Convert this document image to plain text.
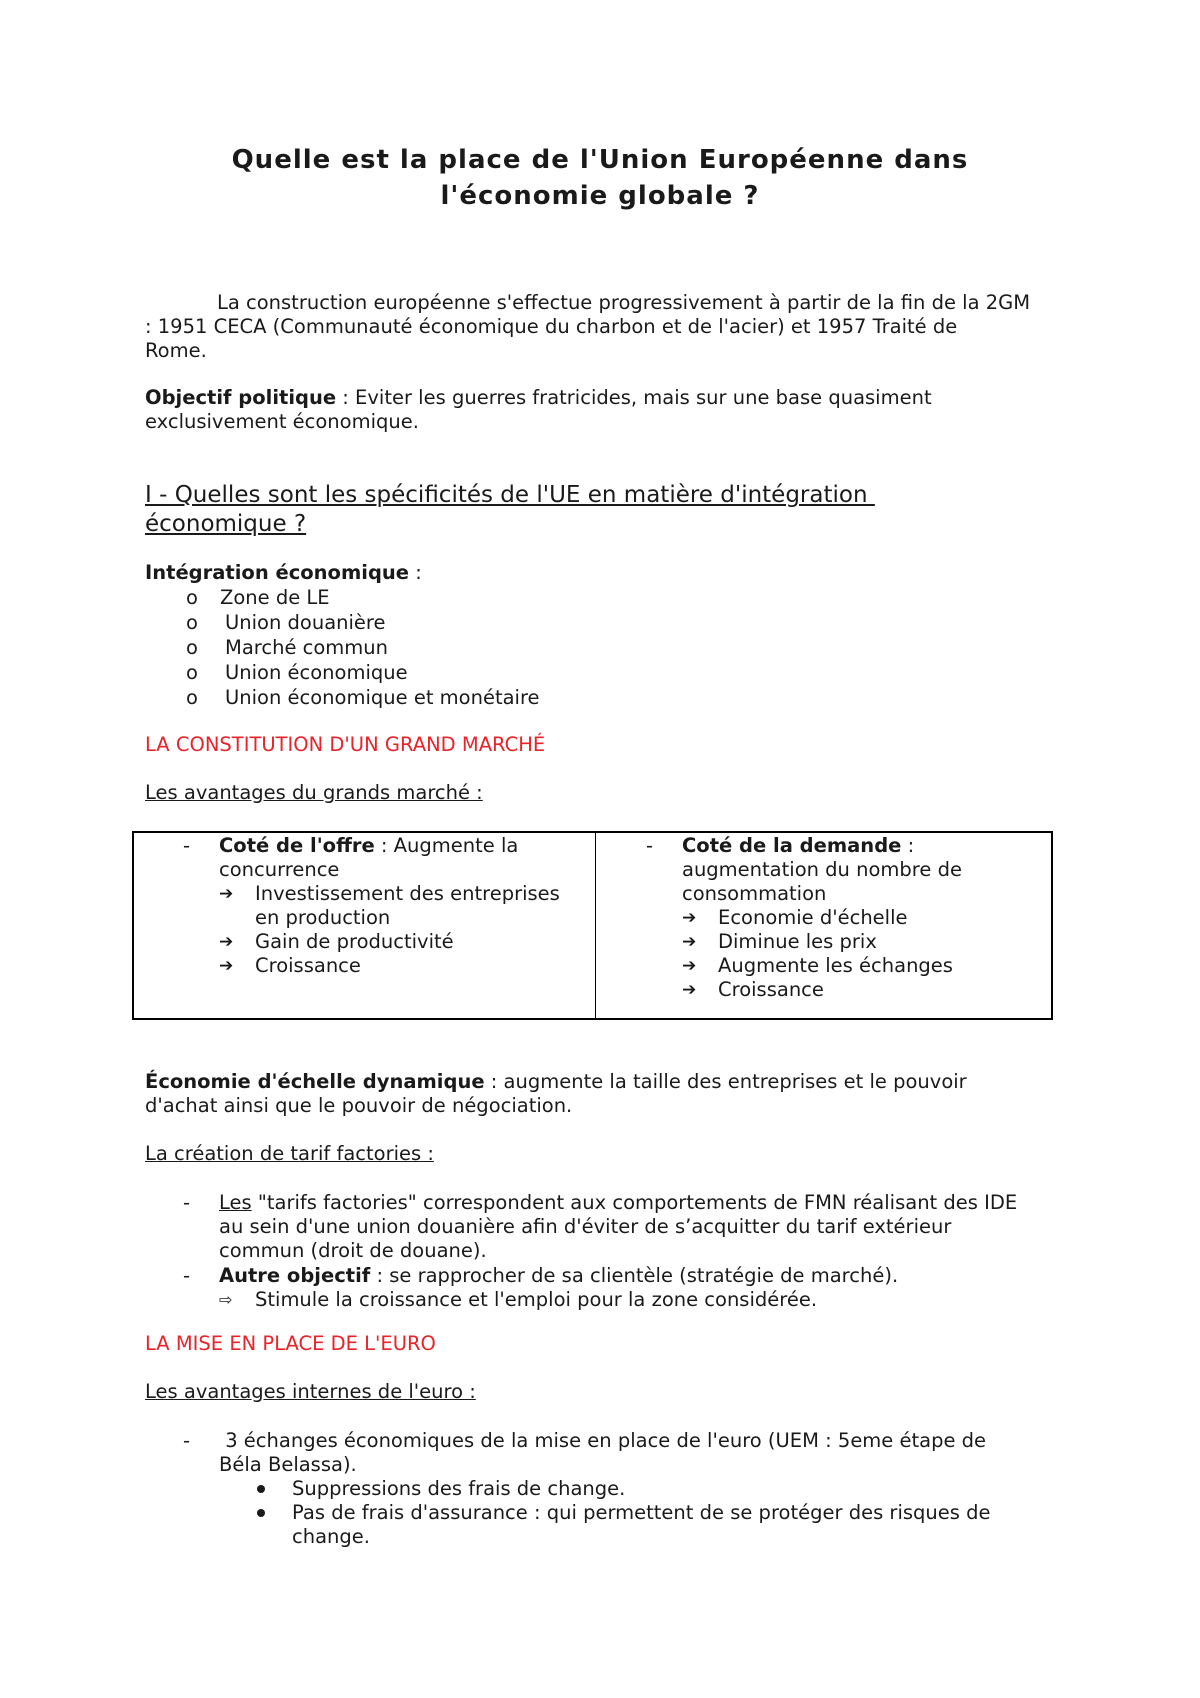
Quelle est la place de l'Union Européenne dans
l'économie globale ?
La construction européenne s'effectue progressivement à partir de la fin de la 2GM
: 1951 CECA (Communauté économique du charbon et de l'acier) et 1957 Traité de
Rome.
Objectif politique : Eviter les guerres fratricides, mais sur une base quasiment
exclusivement économique.
I - Quelles sont les spécificités de l'UE en matière d'intégration
économique ?
Intégration économique :
o Zone de LE
o Union douanière
o Marché commun
o Union économique
o Union économique et monétaire
LA CONSTITUTION D'UN GRAND MARCHÉ
Les avantages du grands marché :
- Coté de l'offre : Augmente la
concurrence
➔ Investissement des entreprises
en production
➔ Gain de productivité
➔ Croissance
- Coté de la demande :
augmentation du nombre de
consommation
➔ Economie d'échelle
➔ Diminue les prix
➔ Augmente les échanges
➔ Croissance
Économie d'échelle dynamique : augmente la taille des entreprises et le pouvoir
d'achat ainsi que le pouvoir de négociation.
La création de tarif factories :
- Les "tarifs factories" correspondent aux comportements de FMN réalisant des IDE
au sein d'une union douanière afin d'éviter de s’acquitter du tarif extérieur
commun (droit de douane).
- Autre objectif : se rapprocher de sa clientèle (stratégie de marché).
⇨ Stimule la croissance et l'emploi pour la zone considérée.
LA MISE EN PLACE DE L'EURO
Les avantages internes de l'euro :
- 3 échanges économiques de la mise en place de l'euro (UEM : 5eme étape de
Béla Belassa).
Suppressions des frais de change.
Pas de frais d'assurance : qui permettent de se protéger des risques de
change.
